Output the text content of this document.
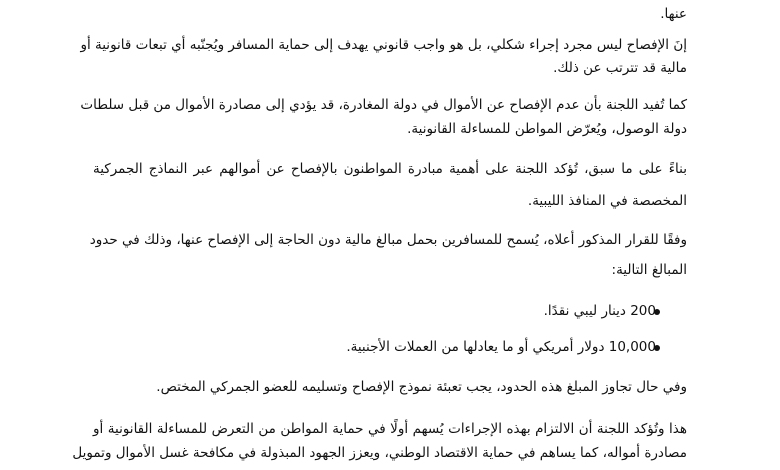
عنها.
إنَ الإفصاح ليس مجرد إجراء شكلي، بل هو واجب قانوني يهدف إلى حماية المسافر ويُجنّبه أي تبعات قانونية أو
مالية قد تترتب عن ذلك.
كما تُفيد اللجنة بأن عدم الإفصاح عن الأموال في دولة المغادرة، قد يؤدي إلى مصادرة الأموال من قبل سلطات
دولة الوصول، ويُعرّض المواطن للمساءلة القانونية.
بناءً على ما سبق، تُؤكد اللجنة على أهمية مبادرة المواطنون بالإفصاح عن أموالهم عبر النماذج الجمركية
المخصصة في المنافذ الليبية.
وفقًا للقرار المذكور أعلاه، يُسمح للمسافرين بحمل مبالغ مالية دون الحاجة إلى الإفصاح عنها، وذلك في حدود
المبالغ التالية:
200 دينار ليبي نقدًا.
10,000 دولار أمريكي أو ما يعادلها من العملات الأجنبية.
وفي حال تجاوز المبلغ هذه الحدود، يجب تعبئة نموذج الإفصاح وتسليمه للعضو الجمركي المختص.
هذا وتُؤكد اللجنة أن الالتزام بهذه الإجراءات يُسهم أولًا في حماية المواطن من التعرض للمساءلة القانونية أو
مصادرة أمواله، كما يساهم في حماية الاقتصاد الوطني، ويعزز الجهود المبذولة في مكافحة غسل الأموال وتمويل
